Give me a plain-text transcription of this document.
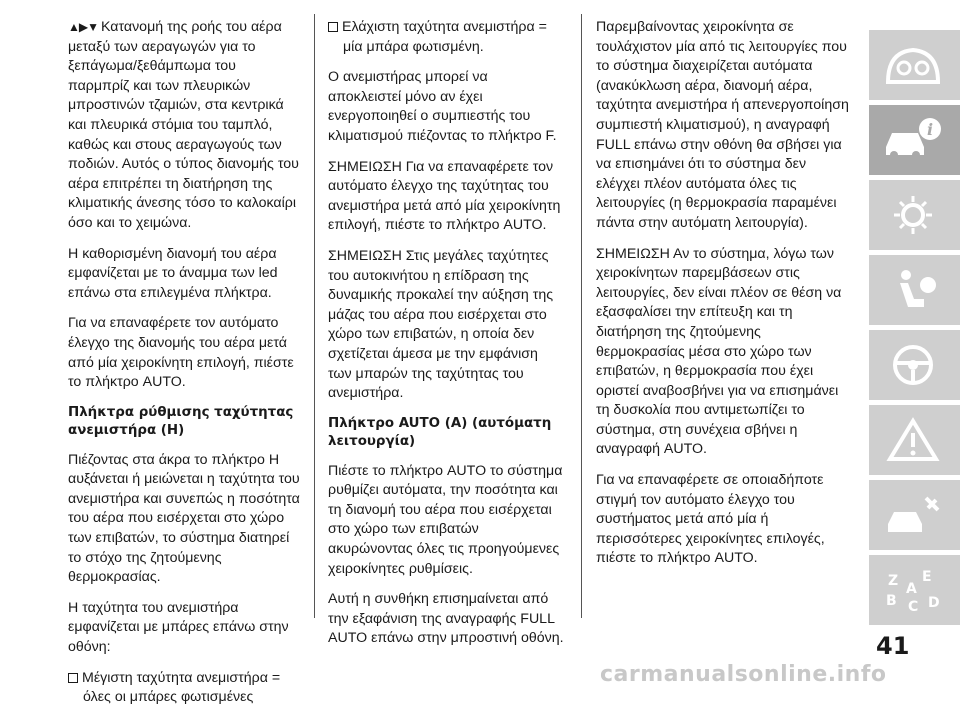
▲▶▼ Κατανομή της ροής του αέρα μεταξύ των αεραγωγών για το ξεπάγωμα/ξεθάμπωμα του παρμπρίζ και των πλευρικών μπροστινών τζαμιών, στα κεντρικά και πλευρικά στόμια του ταμπλό, καθώς και στους αεραγωγούς των ποδιών. Αυτός ο τύπος διανομής του αέρα επιτρέπει τη διατήρηση της κλιματικής άνεσης τόσο το καλοκαίρι όσο και το χειμώνα.

Η καθορισμένη διανομή του αέρα εμφανίζεται με το άναμμα των led επάνω στα επιλεγμένα πλήκτρα.

Για να επαναφέρετε τον αυτόματο έλεγχο της διανομής του αέρα μετά από μία χειροκίνητη επιλογή, πιέστε το πλήκτρο AUTO.

Πλήκτρα ρύθμισης ταχύτητας ανεμιστήρα (H)

Πιέζοντας στα άκρα το πλήκτρο H αυξάνεται ή μειώνεται η ταχύτητα του ανεμιστήρα και συνεπώς η ποσότητα του αέρα που εισέρχεται στο χώρο των επιβατών, το σύστημα διατηρεί το στόχο της ζητούμενης θερμοκρασίας.

Η ταχύτητα του ανεμιστήρα εμφανίζεται με μπάρες επάνω στην οθόνη:

Μέγιστη ταχύτητα ανεμιστήρα = όλες οι μπάρες φωτισμένες

Ελάχιστη ταχύτητα ανεμιστήρα = μία μπάρα φωτισμένη.

Ο ανεμιστήρας μπορεί να αποκλειστεί μόνο αν έχει ενεργοποιηθεί ο συμπιεστής του κλιματισμού πιέζοντας το πλήκτρο F.

ΣΗΜΕΙΩΣΗ Για να επαναφέρετε τον αυτόματο έλεγχο της ταχύτητας του ανεμιστήρα μετά από μία χειροκίνητη επιλογή, πιέστε το πλήκτρο AUTO.

ΣΗΜΕΙΩΣΗ Στις μεγάλες ταχύτητες του αυτοκινήτου η επίδραση της δυναμικής προκαλεί την αύξηση της μάζας του αέρα που εισέρχεται στο χώρο των επιβατών, η οποία δεν σχετίζεται άμεσα με την εμφάνιση των μπαρών της ταχύτητας του ανεμιστήρα.

Πλήκτρο AUTO (A) (αυτόματη λειτουργία)

Πιέστε το πλήκτρο AUTO το σύστημα ρυθμίζει αυτόματα, την ποσότητα και τη διανομή του αέρα που εισέρχεται στο χώρο των επιβατών ακυρώνοντας όλες τις προηγούμενες χειροκίνητες ρυθμίσεις.

Αυτή η συνθήκη επισημαίνεται από την εξαφάνιση της αναγραφής FULL AUTO επάνω στην μπροστινή οθόνη.

Παρεμβαίνοντας χειροκίνητα σε τουλάχιστον μία από τις λειτουργίες που το σύστημα διαχειρίζεται αυτόματα (ανακύκλωση αέρα, διανομή αέρα, ταχύτητα ανεμιστήρα ή απενεργοποίηση συμπιεστή κλιματισμού), η αναγραφή FULL επάνω στην οθόνη θα σβήσει για να επισημάνει ότι το σύστημα δεν ελέγχει πλέον αυτόματα όλες τις λειτουργίες (η θερμοκρασία παραμένει πάντα στην αυτόματη λειτουργία).

ΣΗΜΕΙΩΣΗ Αν το σύστημα, λόγω των χειροκίνητων παρεμβάσεων στις λειτουργίες, δεν είναι πλέον σε θέση να εξασφαλίσει την επίτευξη και τη διατήρηση της ζητούμενης θερμοκρασίας μέσα στο χώρο των επιβατών, η θερμοκρασία που έχει οριστεί αναβοσβήνει για να επισημάνει τη δυσκολία που αντιμετωπίζει το σύστημα, στη συνέχεια σβήνει η αναγραφή AUTO.

Για να επαναφέρετε σε οποιαδήποτε στιγμή τον αυτόματο έλεγχο του συστήματος μετά από μία ή περισσότερες χειροκίνητες επιλογές, πιέστε το πλήκτρο AUTO.

i
Z E
B C D
A
41
carmanualsonline.info
